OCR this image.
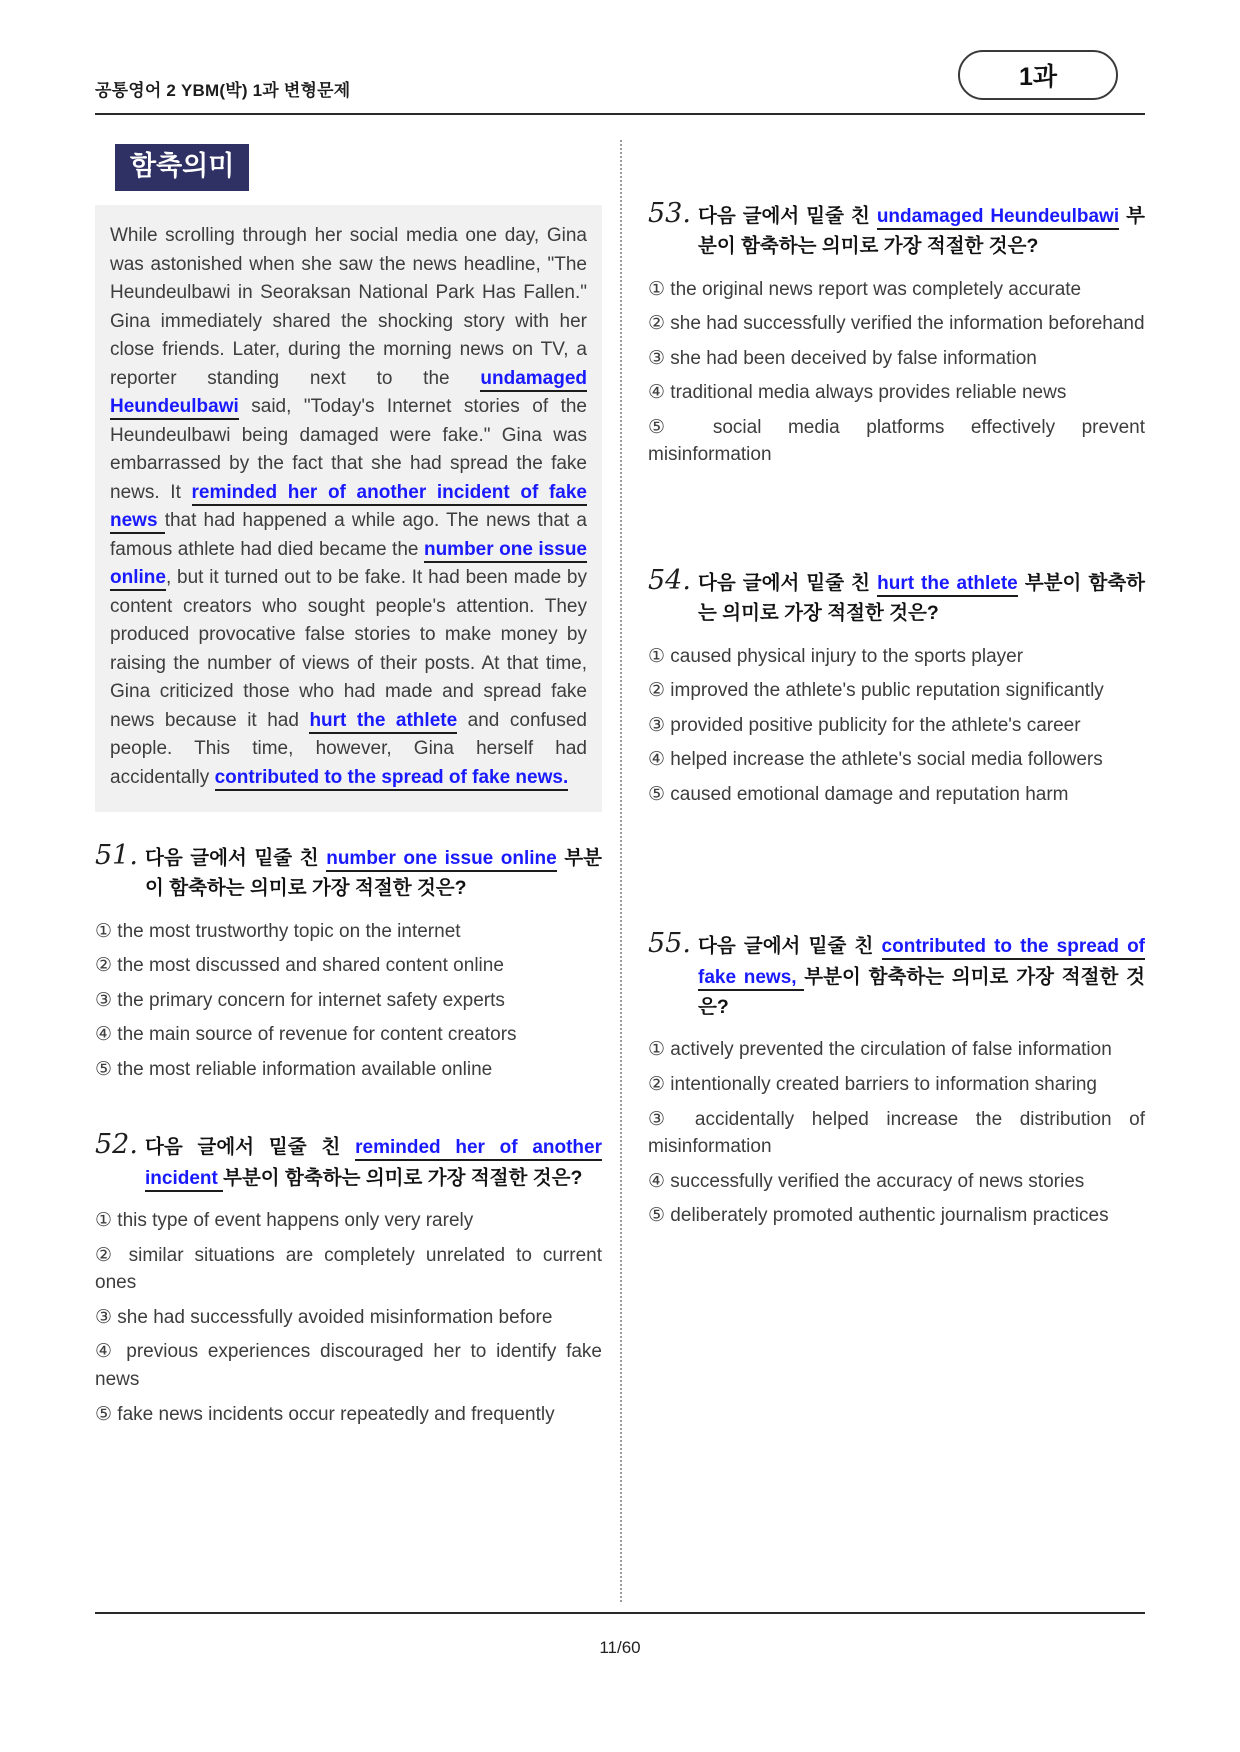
공통영어 2 YBM(박) 1과 변형문제	1과
함축의미
While scrolling through her social media one day, Gina was astonished when she saw the news headline, "The Heundeulbawi in Seoraksan National Park Has Fallen." Gina immediately shared the shocking story with her close friends. Later, during the morning news on TV, a reporter standing next to the undamaged Heundeulbawi said, "Today's Internet stories of the Heundeulbawi being damaged were fake." Gina was embarrassed by the fact that she had spread the fake news. It reminded her of another incident of fake news that had happened a while ago. The news that a famous athlete had died became the number one issue online, but it turned out to be fake. It had been made by content creators who sought people's attention. They produced provocative false stories to make money by raising the number of views of their posts. At that time, Gina criticized those who had made and spread fake news because it had hurt the athlete and confused people. This time, however, Gina herself had accidentally contributed to the spread of fake news.
51. 다음 글에서 밑줄 친 number one issue online 부분이 함축하는 의미로 가장 적절한 것은?
① the most trustworthy topic on the internet
② the most discussed and shared content online
③ the primary concern for internet safety experts
④ the main source of revenue for content creators
⑤ the most reliable information available online
52. 다음 글에서 밑줄 친 reminded her of another incident 부분이 함축하는 의미로 가장 적절한 것은?
① this type of event happens only very rarely
② similar situations are completely unrelated to current ones
③ she had successfully avoided misinformation before
④ previous experiences discouraged her to identify fake news
⑤ fake news incidents occur repeatedly and frequently
53. 다음 글에서 밑줄 친 undamaged Heundeulbawi 부분이 함축하는 의미로 가장 적절한 것은?
① the original news report was completely accurate
② she had successfully verified the information beforehand
③ she had been deceived by false information
④ traditional media always provides reliable news
⑤ social media platforms effectively prevent misinformation
54. 다음 글에서 밑줄 친 hurt the athlete 부분이 함축하는 의미로 가장 적절한 것은?
① caused physical injury to the sports player
② improved the athlete's public reputation significantly
③ provided positive publicity for the athlete's career
④ helped increase the athlete's social media followers
⑤ caused emotional damage and reputation harm
55. 다음 글에서 밑줄 친 contributed to the spread of fake news, 부분이 함축하는 의미로 가장 적절한 것은?
① actively prevented the circulation of false information
② intentionally created barriers to information sharing
③ accidentally helped increase the distribution of misinformation
④ successfully verified the accuracy of news stories
⑤ deliberately promoted authentic journalism practices
11/60
